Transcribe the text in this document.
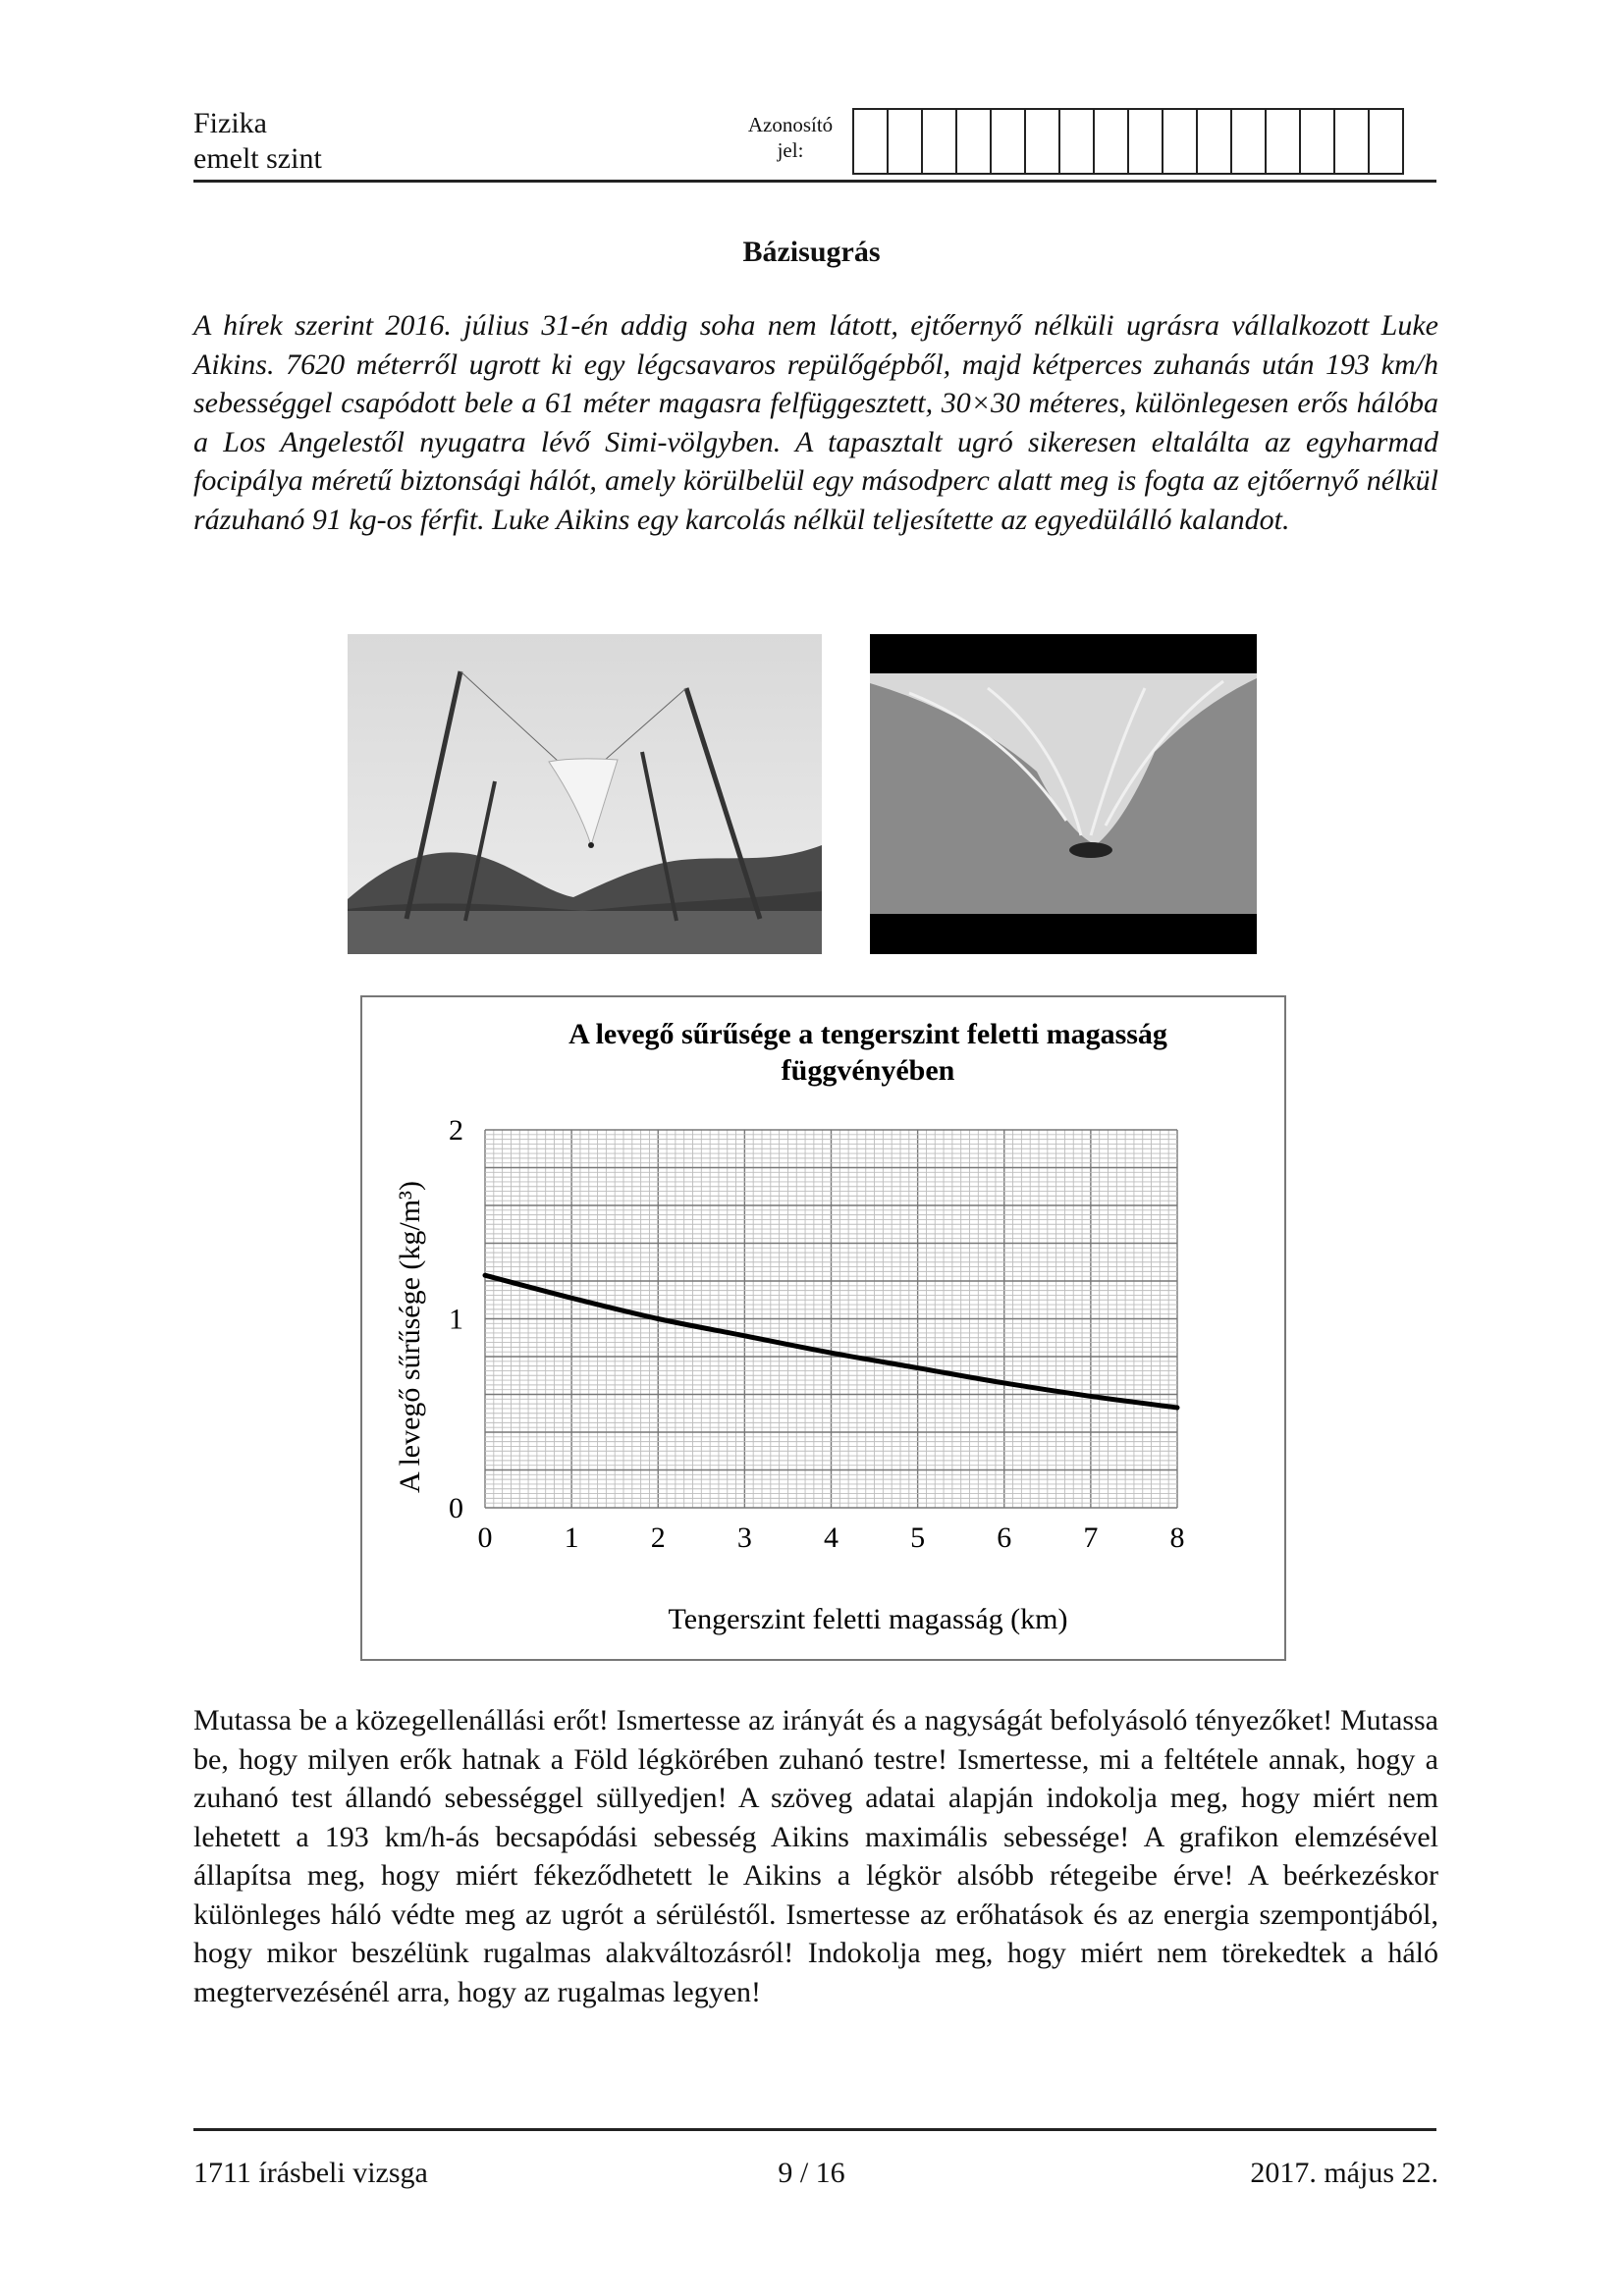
Fizika
emelt szint
Azonosító
jel:
Bázisugrás

A hírek szerint 2016. július 31-én addig soha nem látott, ejtőernyő nélküli ugrásra vállalkozott Luke Aikins. 7620 méterről ugrott ki egy légcsavaros repülőgépből, majd kétperces zuhanás után 193 km/h sebességgel csapódott bele a 61 méter magasra felfüggesztett, 30×30 méteres, különlegesen erős hálóba a Los Angelestől nyugatra lévő Simi-völgyben. A tapasztalt ugró sikeresen eltalálta az egyharmad focipálya méretű biztonsági hálót, amely körülbelül egy másodperc alatt meg is fogta az ejtőernyő nélkül rázuhanó 91 kg-os férfit. Luke Aikins egy karcolás nélkül teljesítette az egyedülálló kalandot.

A levegő sűrűsége a tengerszint feletti magasság
függvényében
0 1 2 3 4 5 6 7 8
0
1
2
A levegő sűrűsége (kg/m³)
Tengerszint feletti magasság (km)

Mutassa be a közegellenállási erőt! Ismertesse az irányát és a nagyságát befolyásoló tényezőket! Mutassa be, hogy milyen erők hatnak a Föld légkörében zuhanó testre! Ismertesse, mi a feltétele annak, hogy a zuhanó test állandó sebességgel süllyedjen! A szöveg adatai alapján indokolja meg, hogy miért nem lehetett a 193 km/h-ás becsapódási sebesség Aikins maximális sebessége! A grafikon elemzésével állapítsa meg, hogy miért fékeződhetett le Aikins a légkör alsóbb rétegeibe érve! A beérkezéskor különleges háló védte meg az ugrót a sérüléstől. Ismertesse az erőhatások és az energia szempontjából, hogy mikor beszélünk rugalmas alakváltozásról! Indokolja meg, hogy miért nem törekedtek a háló megtervezésénél arra, hogy az rugalmas legyen!

1711 írásbeli vizsga	9 / 16	2017. május 22.
